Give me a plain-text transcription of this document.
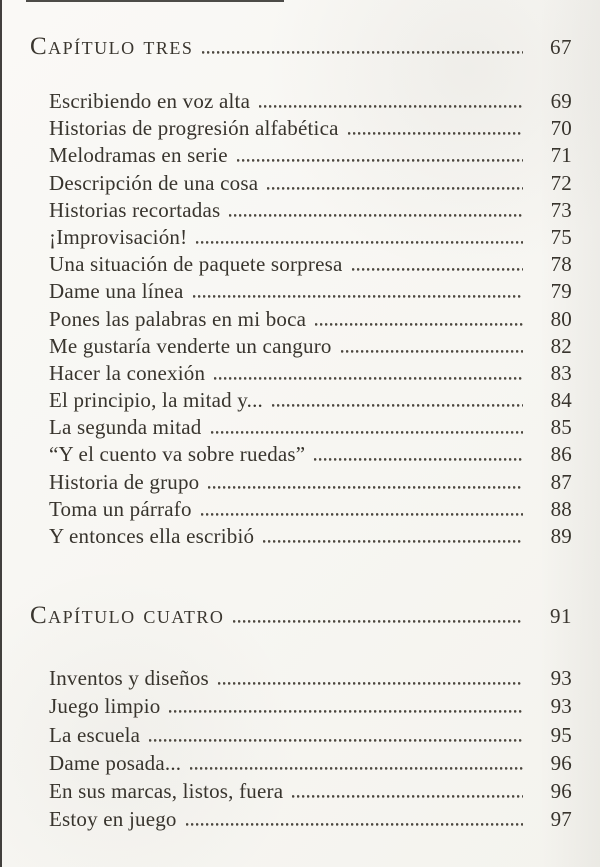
Capítulo tres	67
Escribiendo en voz alta	69
Historias de progresión alfabética	70
Melodramas en serie	71
Descripción de una cosa	72
Historias recortadas	73
¡Improvisación!	75
Una situación de paquete sorpresa	78
Dame una línea	79
Pones las palabras en mi boca	80
Me gustaría venderte un canguro	82
Hacer la conexión	83
El principio, la mitad y...	84
La segunda mitad	85
“Y el cuento va sobre ruedas”	86
Historia de grupo	87
Toma un párrafo	88
Y entonces ella escribió	89
Capítulo cuatro	91
Inventos y diseños	93
Juego limpio	93
La escuela	95
Dame posada...	96
En sus marcas, listos, fuera	96
Estoy en juego	97
